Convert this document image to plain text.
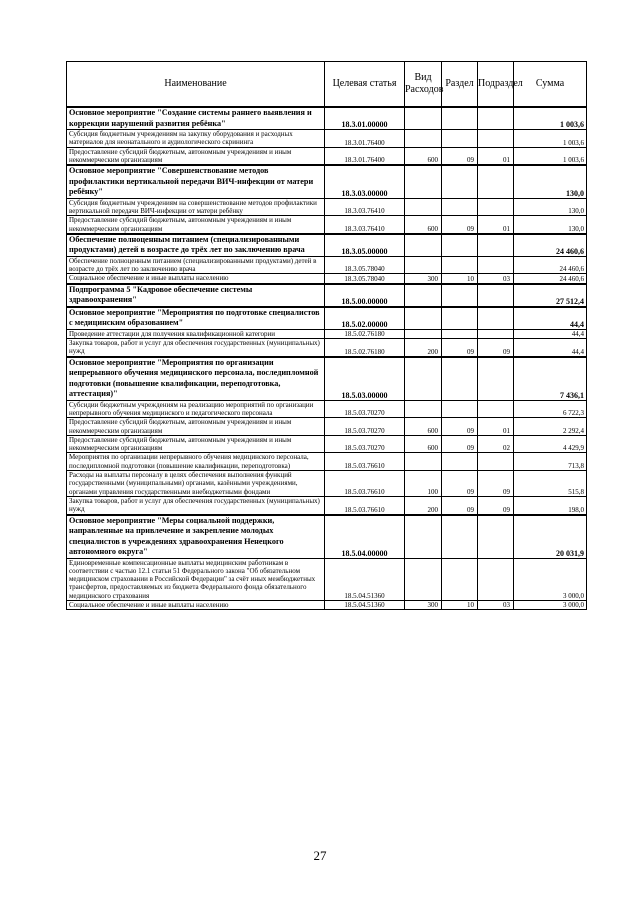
Наименование	Целевая статья	Вид Расходов	Раздел	Подраздел	Сумма
Основное мероприятие "Создание системы раннего выявления и коррекции нарушений развития ребёнка"	18.3.01.00000				1 003,6
Субсидия бюджетным учреждениям на закупку оборудования и расходных материалов для неонатального и аудиологического скрининга	18.3.01.76400				1 003,6
Предоставление субсидий бюджетным, автономным учреждениям и иным некоммерческим организациям	18.3.01.76400	600	09	01	1 003,6
Основное мероприятие "Совершенствование методов профилактики вертикальной передачи ВИЧ-инфекции от матери ребёнку"	18.3.03.00000				130,0
Субсидия бюджетным учреждениям на совершенствование методов профилактики вертикальной передачи ВИЧ-инфекции от матери ребёнку	18.3.03.76410				130,0
Предоставление субсидий бюджетным, автономным учреждениям и иным некоммерческим организациям	18.3.03.76410	600	09	01	130,0
Обеспечение полноценным питанием (специализированными продуктами) детей в возрасте до трёх лет по заключению врача	18.3.05.00000				24 460,6
Обеспечение полноценным питанием (специализированными продуктами) детей в возрасте до трёх лет по заключению врача	18.3.05.78040				24 460,6
Социальное обеспечение и иные выплаты населению	18.3.05.78040	300	10	03	24 460,6
Подпрограмма 5 "Кадровое обеспечение системы здравоохранения"	18.5.00.00000				27 512,4
Основное мероприятие "Мероприятия по подготовке специалистов с медицинским образованием"	18.5.02.00000				44,4
Проведение аттестации для получения квалификационной категории	18.5.02.76180				44,4
Закупка товаров, работ и услуг для обеспечения государственных (муниципальных) нужд	18.5.02.76180	200	09	09	44,4
Основное мероприятие "Мероприятия по организации непрерывного обучения медицинского персонала, последипломной подготовки (повышение квалификации, переподготовка, аттестация)"	18.5.03.00000				7 436,1
Субсидии бюджетным учреждениям на реализацию мероприятий по организации непрерывного обучения медицинского и педагогического персонала	18.5.03.70270				6 722,3
Предоставление субсидий бюджетным, автономным учреждениям и иным некоммерческим организациям	18.5.03.70270	600	09	01	2 292,4
Предоставление субсидий бюджетным, автономным учреждениям и иным некоммерческим организациям	18.5.03.70270	600	09	02	4 429,9
Мероприятия по организации непрерывного обучения медицинского персонала, последипломной подготовки (повышение квалификации, переподготовка)	18.5.03.76610				713,8
Расходы на выплаты персоналу в целях обеспечения выполнения функций государственными (муниципальными) органами, казёнными учреждениями, органами управления государственными внебюджетными фондами	18.5.03.76610	100	09	09	515,8
Закупка товаров, работ и услуг для обеспечения государственных (муниципальных) нужд	18.5.03.76610	200	09	09	198,0
Основное мероприятие "Меры социальной поддержки, направленные на привлечение и закрепление молодых специалистов в учреждениях здравоохранения Ненецкого автономного округа"	18.5.04.00000				20 031,9
Единовременные компенсационные выплаты медицинским работникам в соответствии с частью 12.1 статьи 51 Федерального закона "Об обязательном медицинском страховании в Российской Федерации" за счёт иных межбюджетных трансфертов, предоставляемых из бюджета Федерального фонда обязательного медицинского страхования	18.5.04.51360				3 000,0
Социальное обеспечение и иные выплаты населению	18.5.04.51360	300	10	03	3 000,0
27
